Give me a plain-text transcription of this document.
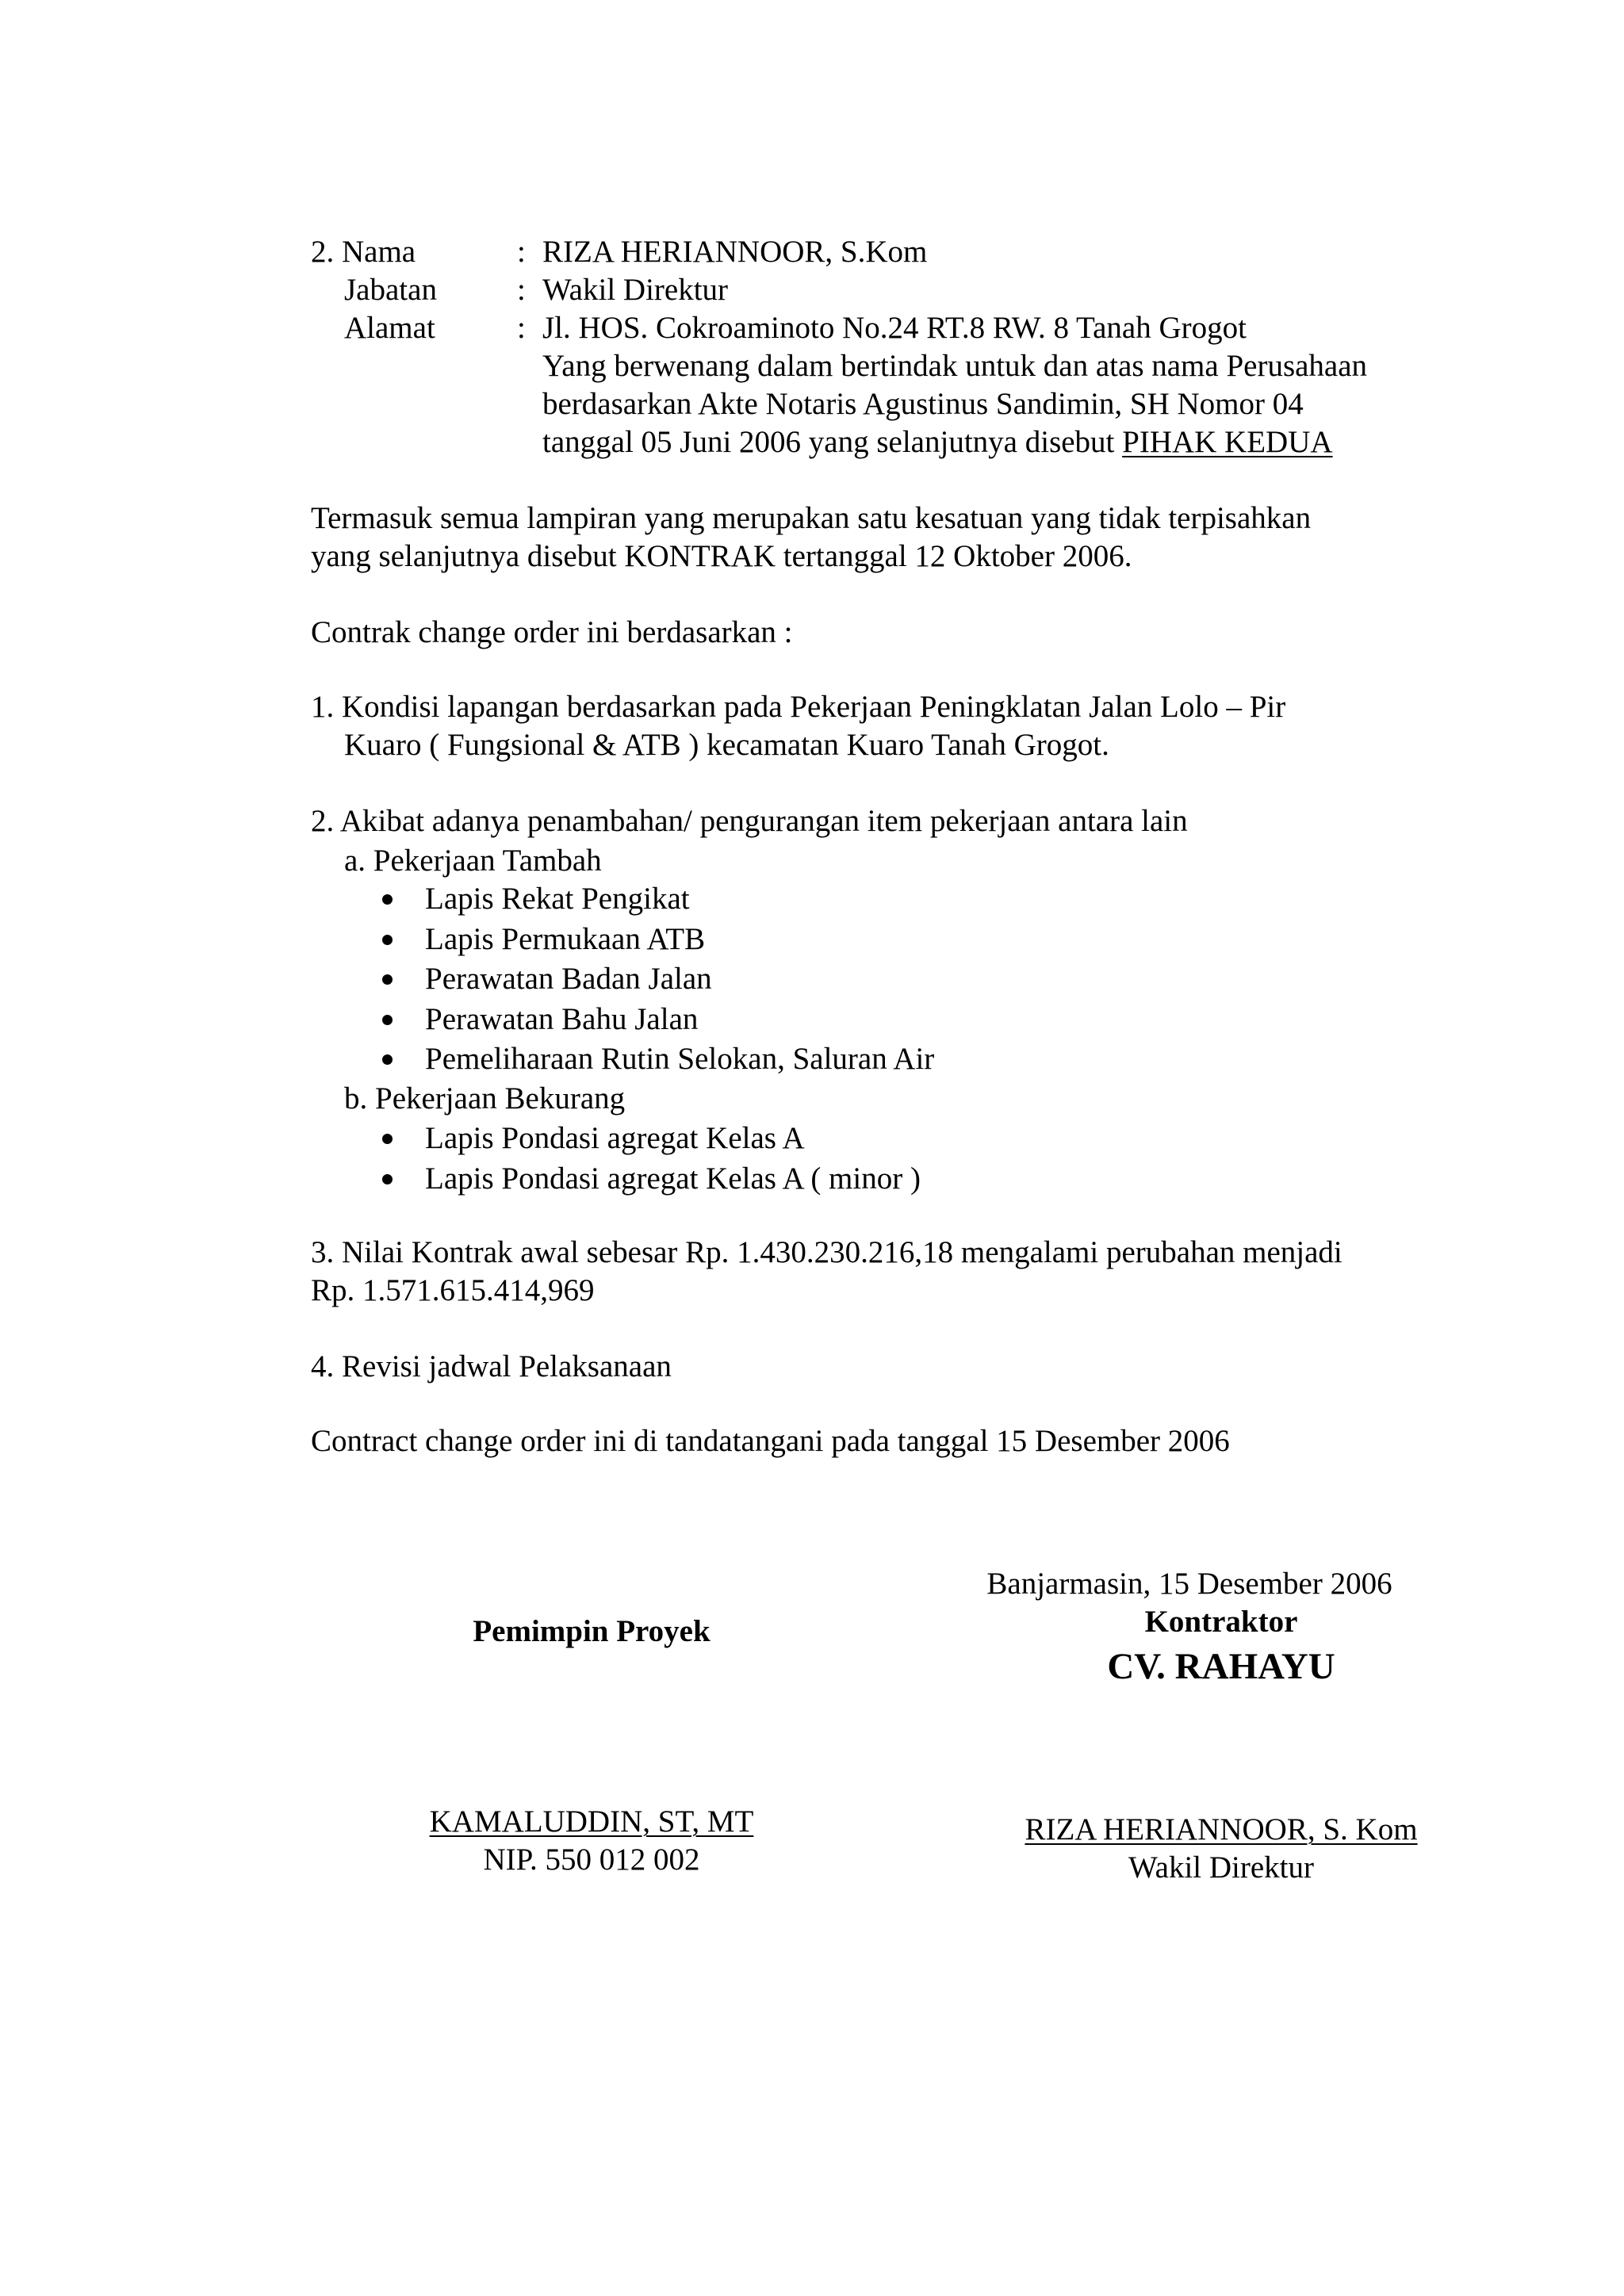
2. Nama	: RIZA HERIANNOOR, S.Kom
Jabatan	: Wakil Direktur
Alamat	: Jl. HOS. Cokroaminoto No.24 RT.8 RW. 8 Tanah Grogot
Yang berwenang dalam bertindak untuk dan atas nama Perusahaan
berdasarkan Akte Notaris Agustinus Sandimin, SH Nomor 04
tanggal 05 Juni 2006 yang selanjutnya disebut PIHAK KEDUA
Termasuk semua lampiran yang merupakan satu kesatuan yang tidak terpisahkan
yang selanjutnya disebut KONTRAK tertanggal 12 Oktober 2006.
Contrak change order ini berdasarkan :
1. Kondisi lapangan berdasarkan pada Pekerjaan Peningklatan Jalan Lolo – Pir
Kuaro ( Fungsional & ATB ) kecamatan Kuaro Tanah Grogot.
2. Akibat adanya penambahan/ pengurangan item pekerjaan antara lain
a. Pekerjaan Tambah
Lapis Rekat Pengikat
Lapis Permukaan ATB
Perawatan Badan Jalan
Perawatan Bahu Jalan
Pemeliharaan Rutin Selokan, Saluran Air
b. Pekerjaan Bekurang
Lapis Pondasi agregat Kelas A
Lapis Pondasi agregat Kelas A ( minor )
3. Nilai Kontrak awal sebesar Rp. 1.430.230.216,18 mengalami perubahan menjadi
Rp. 1.571.615.414,969
4. Revisi jadwal Pelaksanaan
Contract change order ini di tandatangani pada tanggal 15 Desember 2006
Banjarmasin, 15 Desember 2006
Pemimpin Proyek	Kontraktor
CV. RAHAYU
KAMALUDDIN, ST, MT
NIP. 550 012 002
RIZA HERIANNOOR, S. Kom
Wakil Direktur
